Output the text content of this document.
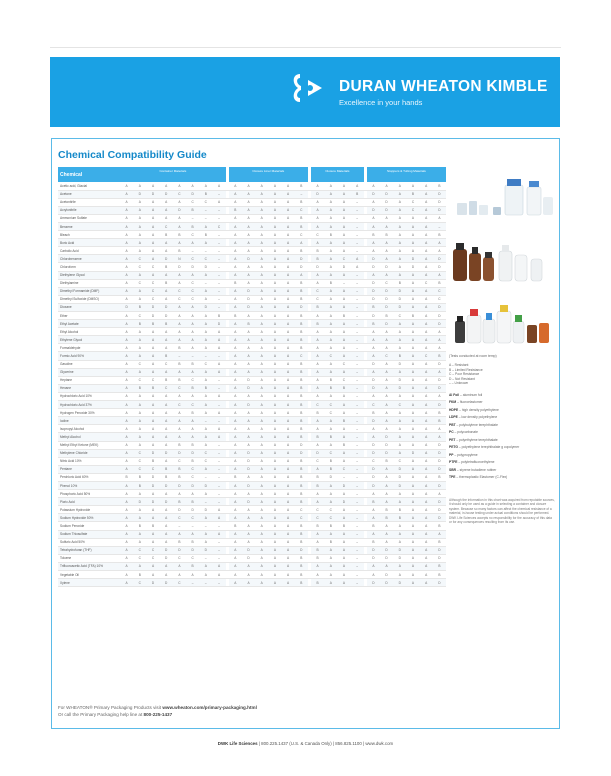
DURAN WHEATON KIMBLE
Excellence in your hands
Chemical Compatibility Guide
Chemical	Container Materials									Closure Liner Materials							Closure Materials					Stoppers & Tubing Materials					

Acetic acid, Glacial	A	A	A	A	A	A	A	A		A	A	A	A	A	B		A	A	A	A		A	A	A	A	A	B
Acetone	A	D	D	D	C	D	B	–		A	A	A	A	A	–		D	A	A	B		D	D	A	B	A	D
Acetonitrile	A	A	A	A	A	C	C	A		A	A	A	A	A	B		A	A	A	–		A	D	A	C	A	D
Acrylonitrile	A	A	A	A	D	B	–	–		B	A	A	A	A	C		A	A	A	–		D	D	A	C	A	D
Ammonium Sulfate	A	A	A	A	A	–	–	–		A	A	A	A	A	B		A	A	A	–		A	A	A	A	A	A
Benzene	A	A	A	C	A	B	A	C		A	A	A	A	A	B		A	A	A	–		A	A	A	A	A	–
Bleach	A	A	A	B	B	C	B	–		A	A	A	A	A	C		C	B	A	–		B	B	A	A	A	B
Boric Acid	A	A	A	A	A	A	A	–		A	A	A	A	A	A		A	A	A	–		A	A	A	A	A	A
Carbolic Acid	A	A	A	A	B	–	–	–		A	A	A	A	A	B		B	A	A	–		A	A	A	A	A	A
Chlorobenzene	A	C	A	D	N	C	C	–		A	D	A	A	A	D		B	A	C	A		D	A	A	D	A	D
Chloroform	A	C	C	B	D	D	D	–		A	A	A	A	A	D		D	A	D	A		D	D	A	D	A	D
Diethylene Glycol	A	A	A	A	A	A	A	–		A	A	A	A	A	A		A	A	A	–		A	A	A	A	A	A
Diethylamine	A	C	C	B	A	C	–	–		B	A	A	A	A	B		A	B	–	–		D	C	B	A	C	B
Dimethyl Formamide (DMF)	A	A	C	A	C	C	A	–		A	D	A	A	A	B		C	A	A	–		D	D	D	A	A	C
Dimethyl Sulfoxide (DMSO)	A	A	C	A	C	C	A	–		A	D	A	A	A	B		C	A	A	–		D	D	D	A	A	C
Dioxane	D	B	D	D	A	A	D	–		A	D	A	A	A	D		B	A	A	–		B	D	D	A	A	D
Ether	A	C	D	D	A	A	A	B		B	A	A	A	A	B		A	A	B	–		D	B	C	B	A	D
Ethyl Acetate	A	B	B	B	A	A	A	D		A	B	A	A	A	B		B	A	A	–		B	D	A	A	A	D
Ethyl Alcohol	A	A	A	A	A	A	A	A		A	A	A	A	A	B		A	A	A	–		A	A	A	A	A	A
Ethylene Glycol	A	A	A	A	A	A	A	A		A	A	A	A	A	B		A	A	A	–		A	A	A	A	A	A
Formaldehyde	A	A	A	A	B	A	A	A		A	A	A	A	A	B		A	A	A	–		A	A	A	A	A	A
Formic Acid 90%	A	A	A	B	–	–	–	–		A	A	A	A	A	C		A	C	A	–		A	C	B	A	C	B
Gasoline	A	C	A	C	B	B	C	A		A	A	A	A	A	B		A	A	C	–		D	A	D	A	A	D
Glycerine	A	A	A	A	A	A	A	A		A	A	A	A	A	B		A	A	A	–		A	A	A	A	A	A
Heptane	A	C	C	B	B	C	A	–		A	D	A	A	A	B		A	B	C	–		D	A	D	A	A	D
Hexane	A	B	B	C	C	B	B	–		A	D	A	A	A	B		A	B	B	–		D	A	D	A	A	D
Hydrochloric Acid 10%	A	A	A	A	A	A	A	A		A	A	A	A	A	B		A	A	A	–		A	A	A	A	A	A
Hydrochloric Acid 37%	A	A	A	A	C	C	A	–		A	D	A	A	A	B		C	C	A	–		C	A	C	A	A	D
Hydrogen Peroxide 30%	A	A	A	A	A	B	A	A		A	A	A	A	A	B		B	C	A	–		B	A	A	A	A	B
Iodine	A	A	A	A	A	A	–	–		A	A	A	A	A	B		A	A	B	–		D	A	A	A	A	B
Isopropyl Alcohol	A	A	A	A	A	A	A	A		A	A	A	A	A	B		A	A	A	–		A	A	A	A	A	A
Methyl Alcohol	A	A	A	A	A	A	A	A		A	A	A	A	A	B		B	B	A	–		A	D	A	A	A	A
Methyl Ethyl Ketone (MEK)	A	A	A	A	B	B	A	–		A	A	A	A	A	D		A	A	B	–		D	D	A	A	A	D
Methylene Chloride	A	C	D	D	D	D	C	–		A	D	A	A	A	D		D	C	A	–		D	D	A	D	A	D
Nitric Acid 10%	A	C	B	A	C	B	C	–		A	D	A	A	A	B		C	B	A	–		C	B	C	A	A	D
Pentane	A	C	C	B	B	C	A	–		A	D	A	A	A	B		A	B	C	–		D	A	D	A	A	D
Perchloric Acid 60%	B	B	D	B	B	C	–	–		B	A	A	A	A	B		B	D	–	–		D	A	D	A	A	B
Phenol 10%	A	B	D	D	D	D	D	–		A	D	A	A	A	B		B	A	D	–		D	A	D	A	A	D
Phosphoric Acid 50%	A	A	A	A	A	A	A	–		A	A	A	A	A	B		A	A	A	–		A	A	A	A	A	A
Picric Acid	A	D	D	D	B	B	–	–		A	D	A	A	A	B		A	A	D	–		B	A	A	A	A	D
Potassium Hydroxide	A	A	A	A	D	D	D	A		A	A	A	A	A	C		C	C	A	–		A	B	B	A	A	D
Sodium Hydroxide 50%	A	A	A	A	C	C	A	A		A	A	A	A	A	C		C	C	A	–		A	B	B	A	A	D
Sodium Peroxide	A	B	B	A	–	–	–	–		B	A	A	A	A	B		B	B	B	–		B	A	A	A	A	B
Sodium Thiosulfate	A	A	A	A	A	A	A	A		A	A	A	A	A	B		A	A	A	–		A	A	A	A	A	A
Sulfuric Acid 50%	A	A	A	A	B	B	A	–		A	A	A	A	A	B		A	B	A	–		B	A	A	A	A	B
Tetrahydrofuran (THF)	A	C	C	D	D	D	D	–		A	D	A	A	A	D		B	A	A	–		D	D	D	A	A	D
Toluene	A	C	C	D	C	C	–	–		A	D	A	A	A	B		B	A	A	–		D	D	D	A	A	D
Trifluoroacetic Acid (TFA) 10%	A	A	A	A	A	B	A	A		A	A	A	A	A	B		A	A	A	–		A	A	A	A	A	B
Vegetable Oil	A	B	A	A	A	A	A	A		A	A	A	A	A	B		A	A	A	–		A	D	A	A	A	B
Xylene	A	C	D	D	C	–	–	–		A	A	A	A	A	B		B	A	A	–		D	D	D	A	A	D
(Tests conducted at room temp)
A – Resistant
B – Limited Resistance
C – Poor Resistance
D – Not Resistant
– – Unknown
Al Foil – aluminum foil
FKM – fluoroelastomer
HDPE – high density polyethylene
LDPE – low density polyethylene
PBT – polybutylene terephthalate
PC – polycarbonate
PET – polyethylene terephthalate
PETG – polyethylene terephthalate g copolymer
PP – polypropylene
PTFE – polytetrafluoroethylene
SBR – styrene butadiene rubber
TPE – thermoplastic Elastomer (C-Flex)
Although the information in this chart was acquired from reputable sources, it should only be used as a guide in selecting a container and closure system. Because so many factors can affect the chemical resistance of a material, in-house testing under actual conditions should be performed. DWK Life Sciences accepts no responsibility for the accuracy of this data or for any consequences resulting from its use.
For WHEATON® Primary Packaging Products visit www.wheaton.com/primary-packaging.html
Or call the Primary Packaging help line at 800-225-1437
DWK Life Sciences | 800.225.1437 (U.S. & Canada Only) | 856.825.1100 | www.dwk.com
